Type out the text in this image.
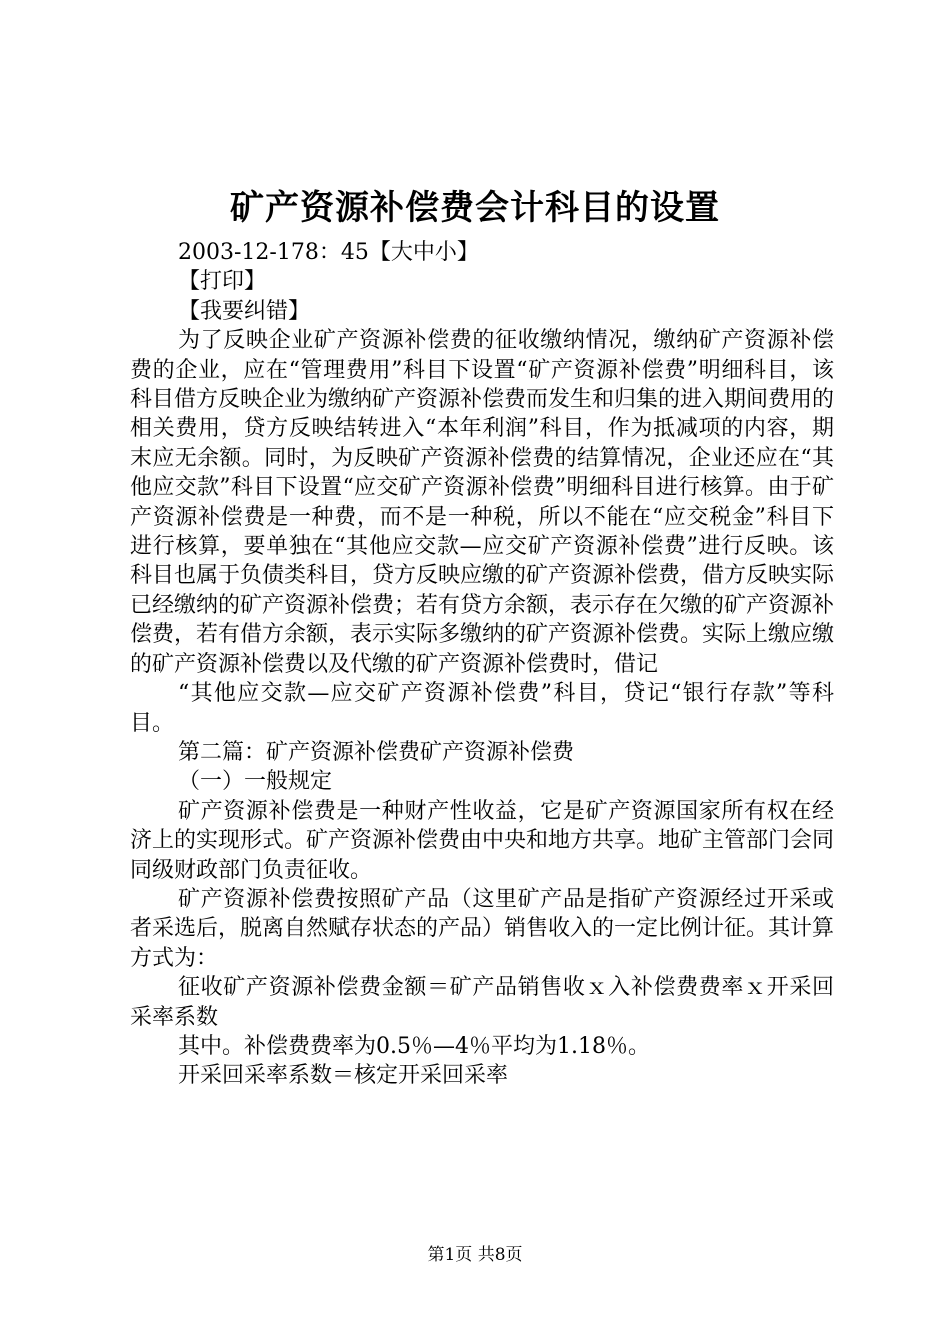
矿产资源补偿费会计科目的设置

2003-12-178：45【大中小】

【打印】

【我要纠错】

为了反映企业矿产资源补偿费的征收缴纳情况，缴纳矿产资源补偿费的企业，应在“管理费用”科目下设置“矿产资源补偿费”明细科目，该科目借方反映企业为缴纳矿产资源补偿费而发生和归集的进入期间费用的相关费用，贷方反映结转进入“本年利润”科目，作为抵减项的内容，期末应无余额。同时，为反映矿产资源补偿费的结算情况，企业还应在“其他应交款”科目下设置“应交矿产资源补偿费”明细科目进行核算。由于矿产资源补偿费是一种费，而不是一种税，所以不能在“应交税金”科目下进行核算，要单独在“其他应交款—应交矿产资源补偿费”进行反映。该科目也属于负债类科目，贷方反映应缴的矿产资源补偿费，借方反映实际已经缴纳的矿产资源补偿费；若有贷方余额，表示存在欠缴的矿产资源补偿费，若有借方余额，表示实际多缴纳的矿产资源补偿费。实际上缴应缴的矿产资源补偿费以及代缴的矿产资源补偿费时，借记

“其他应交款—应交矿产资源补偿费”科目，贷记“银行存款”等科目。

第二篇：矿产资源补偿费矿产资源补偿费

（一）一般规定

矿产资源补偿费是一种财产性收益，它是矿产资源国家所有权在经济上的实现形式。矿产资源补偿费由中央和地方共享。地矿主管部门会同同级财政部门负责征收。

矿产资源补偿费按照矿产品（这里矿产品是指矿产资源经过开采或者采选后，脱离自然赋存状态的产品）销售收入的一定比例计征。其计算方式为：

征收矿产资源补偿费金额＝矿产品销售收ｘ入补偿费费率ｘ开采回采率系数

其中。补偿费费率为0.5％—4％平均为1.18％。

开采回采率系数＝核定开采回采率

第1页 共8页
